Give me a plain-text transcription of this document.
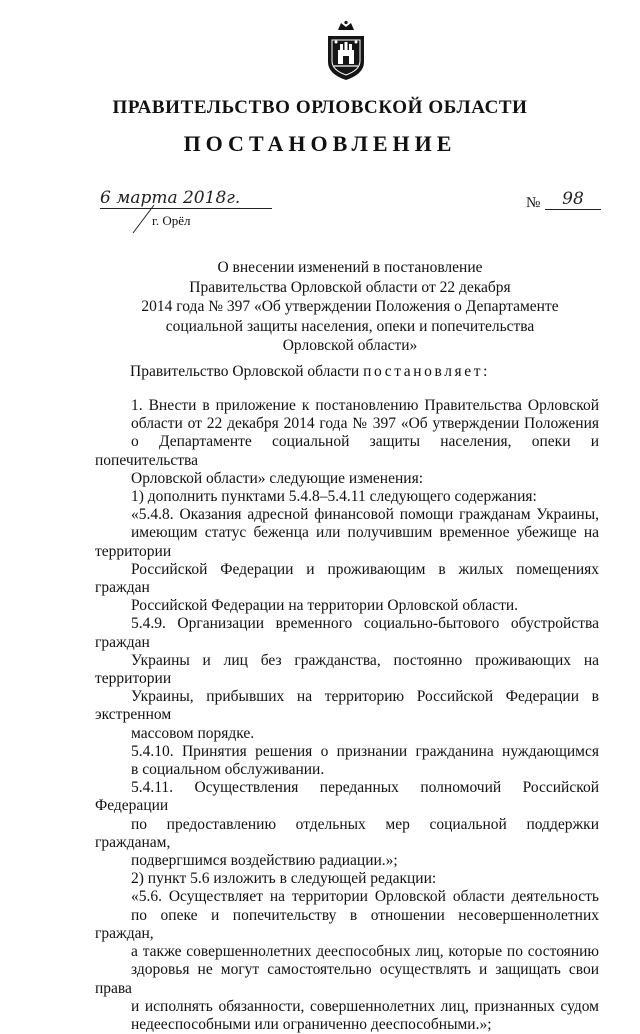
ПРАВИТЕЛЬСТВО ОРЛОВСКОЙ ОБЛАСТИ
ПОСТАНОВЛЕНИЕ
6 марта 2018г.
г. Орёл
№	98
О внесении изменений в постановление
Правительства Орловской области от 22 декабря
2014 года № 397 «Об утверждении Положения о Департаменте
социальной защиты населения, опеки и попечительства
Орловской области»
Правительство Орловской области постановляет:

1. Внести в приложение к постановлению Правительства Орловской
области от 22 декабря 2014 года № 397 «Об утверждении Положения
о Департаменте социальной защиты населения, опеки и попечительства
Орловской области» следующие изменения:

1) дополнить пунктами 5.4.8–5.4.11 следующего содержания:

«5.4.8. Оказания адресной финансовой помощи гражданам Украины,
имеющим статус беженца или получившим временное убежище на территории
Российской Федерации и проживающим в жилых помещениях граждан
Российской Федерации на территории Орловской области.

5.4.9. Организации временного социально-бытового обустройства граждан
Украины и лиц без гражданства, постоянно проживающих на территории
Украины, прибывших на территорию Российской Федерации в экстренном
массовом порядке.

5.4.10. Принятия решения о признании гражданина нуждающимся
в социальном обслуживании.

5.4.11. Осуществления переданных полномочий Российской Федерации
по предоставлению отдельных мер социальной поддержки гражданам,
подвергшимся воздействию радиации.»;

2) пункт 5.6 изложить в следующей редакции:

«5.6. Осуществляет на территории Орловской области деятельность
по опеке и попечительству в отношении несовершеннолетних граждан,
а также совершеннолетних дееспособных лиц, которые по состоянию
здоровья не могут самостоятельно осуществлять и защищать свои права
и исполнять обязанности, совершеннолетних лиц, признанных судом
недееспособными или ограниченно дееспособными.»;
